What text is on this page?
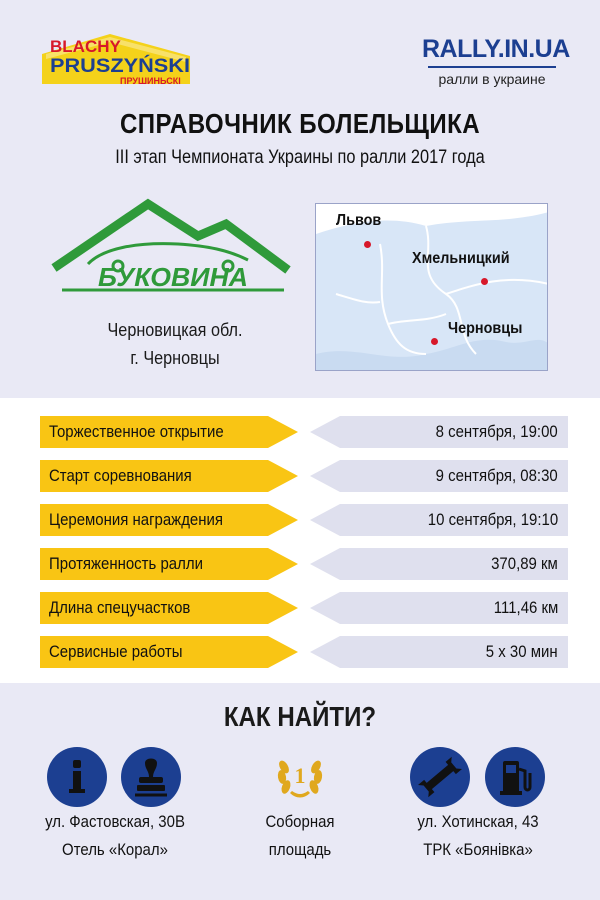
BLACHY
PRUSZYŃSKI
ПРУШИНЬСКI
RALLY.IN.UA
ралли в украине
СПРАВОЧНИК БОЛЕЛЬЩИКА
III этап Чемпионата Украины по ралли 2017 года
БУКОВИНА
Черновицкая обл.
г. Черновцы
Львов
Хмельницкий
Черновцы
Торжественное открытие	8 сентября, 19:00
Старт соревнования	9 сентября, 08:30
Церемония награждения	10 сентября, 19:10
Протяженность ралли	370,89 км
Длина спецучастков	111,46 км
Сервисные работы	5 х 30 мин
КАК НАЙТИ?
ул. Фастовская, 30В
Отель «Корал»
1
Соборная
площадь
ул. Хотинская, 43
ТРК «Боянівка»
